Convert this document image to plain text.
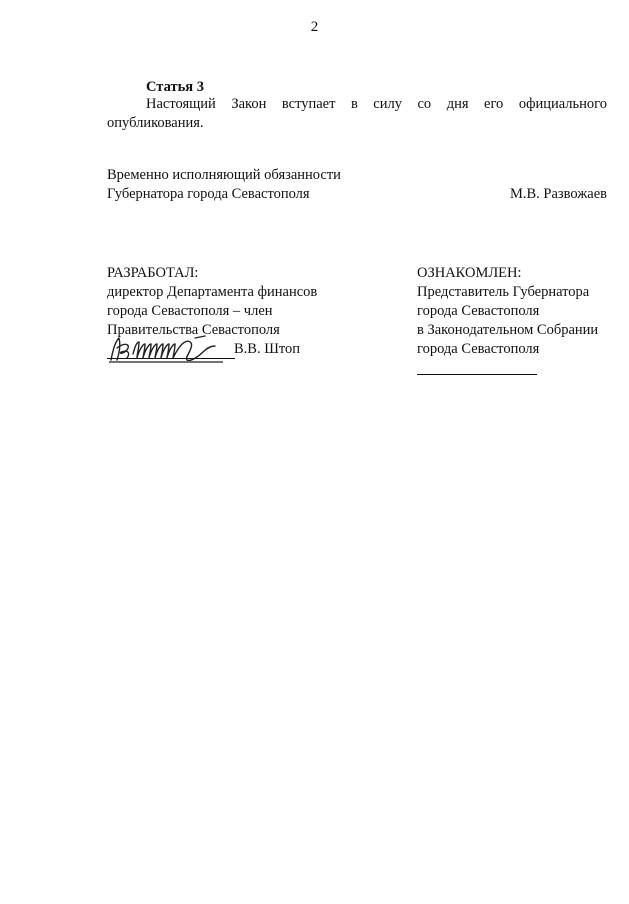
2
Статья 3
Настоящий Закон вступает в силу со дня его официального опубликования.
Временно исполняющий обязанности
Губернатора города Севастополя	М.В. Развожаев
РАЗРАБОТАЛ:
директор Департамента финансов
города Севастополя – член
Правительства Севастополя
В.В. Штоп
ОЗНАКОМЛЕН:
Представитель Губернатора
города Севастополя
в Законодательном Собрании
города Севастополя
